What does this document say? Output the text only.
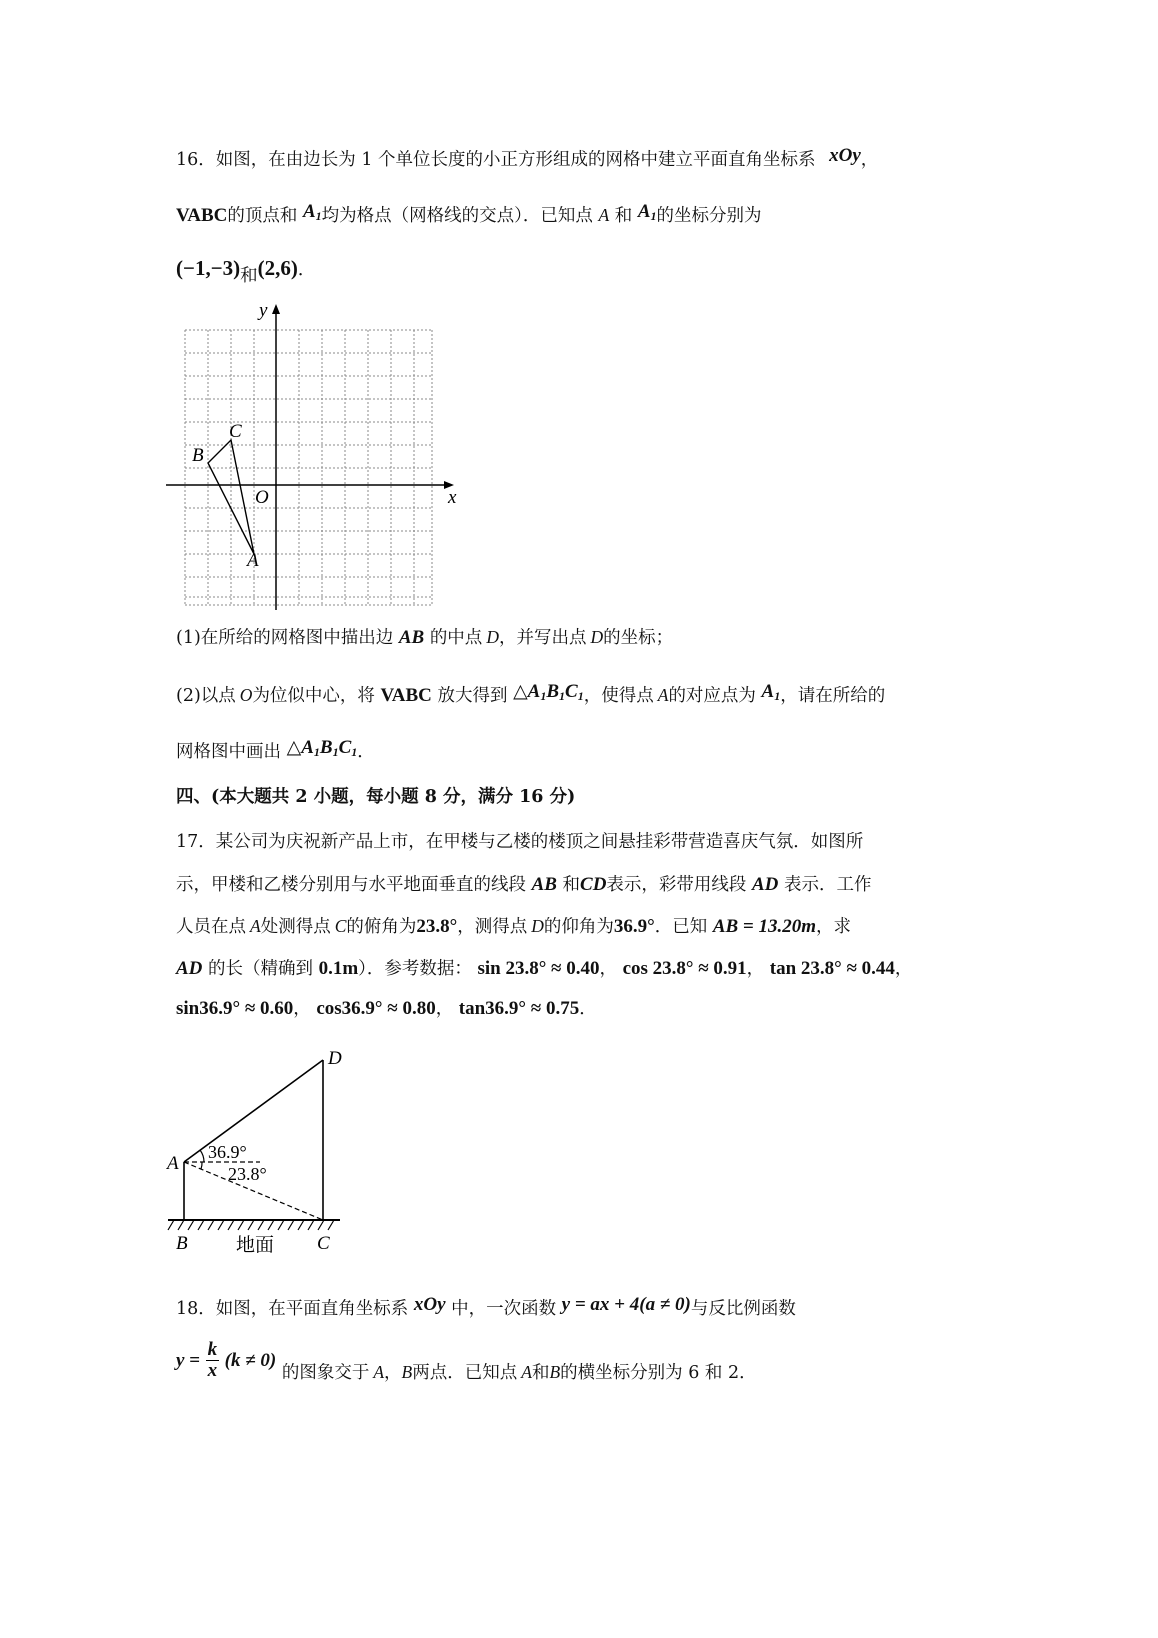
16．如图，在由边长为 1 个单位长度的小正方形组成的网格中建立平面直角坐标系 xOy，
VABC的顶点和 $A_1$均为格点（网格线的交点）．已知点 A 和 $A_1$的坐标分别为
(−1,−3)和(2,6)．
x
y
O
A
B
C
(1)在所给的网格图中描出边 AB 的中点 D，并写出点 D的坐标；
(2)以点 O为位似中心，将 VABC 放大得到 $\triangle A_1B_1C_1$，使得点 A的对应点为 $A_1$，请在所给的
网格图中画出 $\triangle A_1B_1C_1$．
四、(本大题共 2 小题，每小题 8 分，满分 16 分)
17．某公司为庆祝新产品上市，在甲楼与乙楼的楼顶之间悬挂彩带营造喜庆气氛．如图所
示，甲楼和乙楼分别用与水平地面垂直的线段 AB 和CD表示，彩带用线段 AD 表示．工作
人员在点 A处测得点 C的俯角为23.8°，测得点 D的仰角为36.9°．已知 AB = 13.20m，求
AD 的长（精确到 0.1m）．参考数据： sin 23.8° ≈ 0.40， cos 23.8° ≈ 0.91， tan 23.8° ≈ 0.44，
sin36.9° ≈ 0.60， cos36.9° ≈ 0.80， tan36.9° ≈ 0.75．
A
B	C
D
地面
36.9°
23.8°
18．如图，在平面直角坐标系 xOy 中，一次函数 y = ax + 4(a ≠ 0)与反比例函数
$y = \frac{k}{x} (k \ne 0)$ 的图象交于 A，B两点．已知点 A和B的横坐标分别为 6 和 2．
